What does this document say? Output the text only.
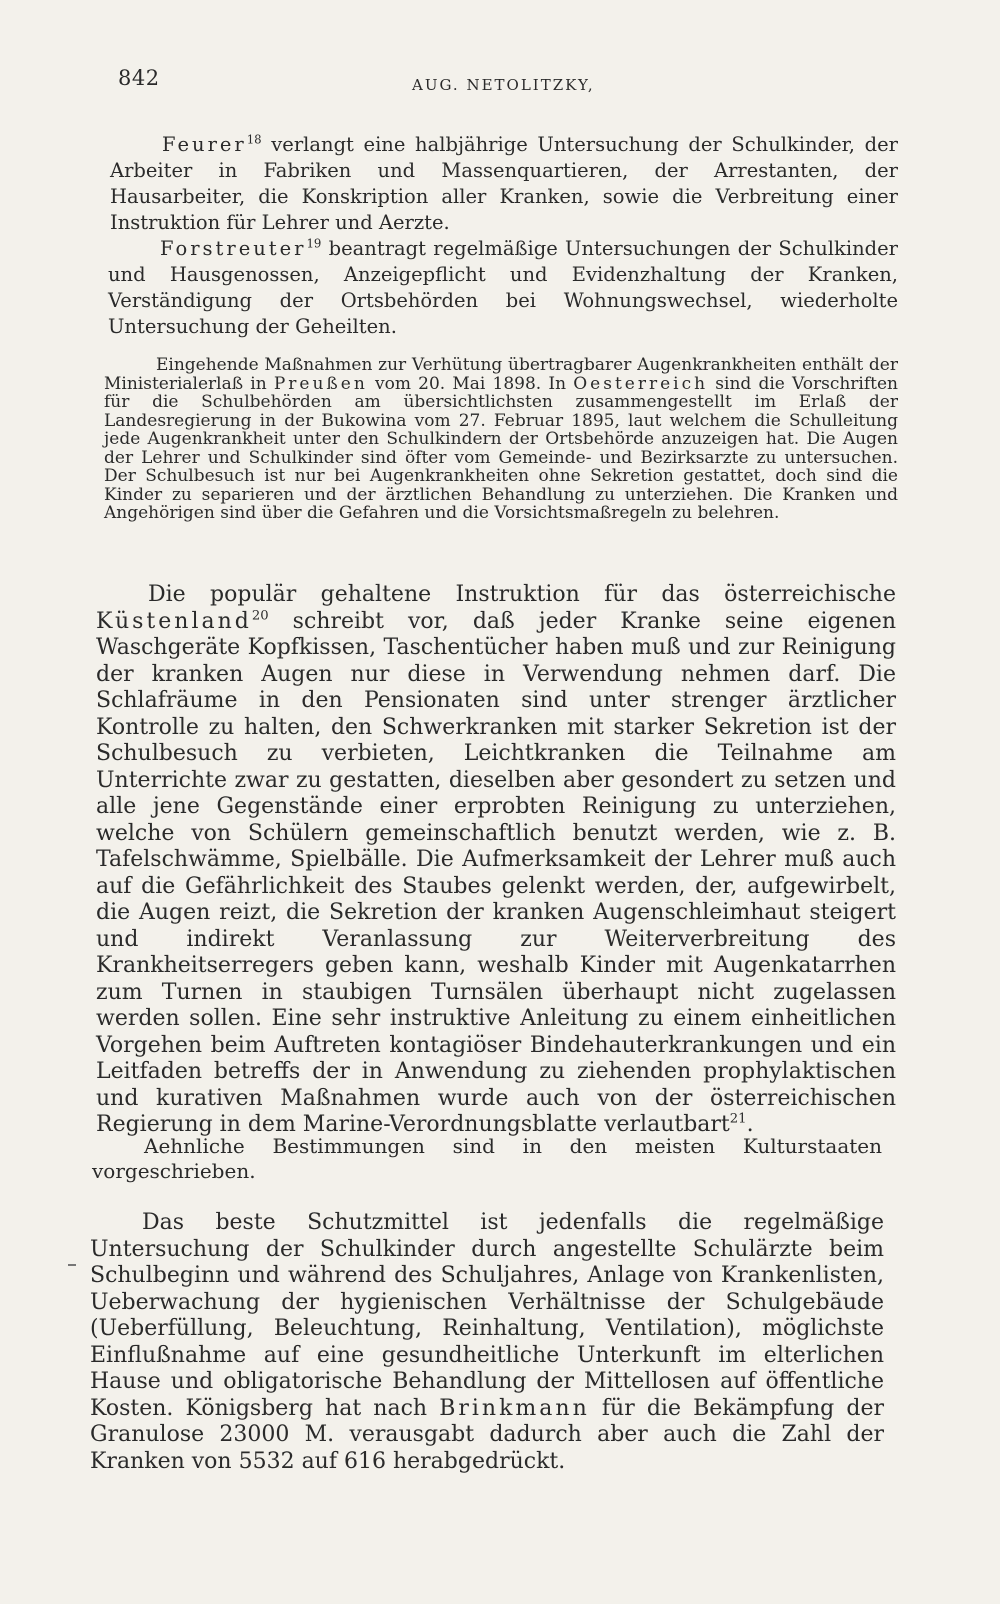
842	AUG. NETOLITZKY,

Feurer$^{18}$ verlangt eine halbjährige Untersuchung der Schulkinder, der Arbeiter in Fabriken und Massenquartieren, der Arrestanten, der Hausarbeiter, die Konskription aller Kranken, sowie die Verbreitung einer Instruktion für Lehrer und Aerzte.

Forstreuter$^{19}$ beantragt regelmäßige Untersuchungen der Schulkinder und Hausgenossen, Anzeigepflicht und Evidenzhaltung der Kranken, Verständigung der Ortsbehörden bei Wohnungswechsel, wiederholte Untersuchung der Geheilten.

Eingehende Maßnahmen zur Verhütung übertragbarer Augenkrankheiten enthält der Ministerialerlaß in Preußen vom 20. Mai 1898. In Oesterreich sind die Vorschriften für die Schulbehörden am übersichtlichsten zusammengestellt im Erlaß der Landesregierung in der Bukowina vom 27. Februar 1895, laut welchem die Schulleitung jede Augenkrankheit unter den Schulkindern der Ortsbehörde anzuzeigen hat. Die Augen der Lehrer und Schulkinder sind öfter vom Gemeinde- und Bezirksarzte zu untersuchen. Der Schulbesuch ist nur bei Augenkrankheiten ohne Sekretion gestattet, doch sind die Kinder zu separieren und der ärztlichen Behandlung zu unterziehen. Die Kranken und Angehörigen sind über die Gefahren und die Vorsichtsmaßregeln zu belehren.

Die populär gehaltene Instruktion für das österreichische Küstenland$^{20}$ schreibt vor, daß jeder Kranke seine eigenen Waschgeräte Kopfkissen, Taschentücher haben muß und zur Reinigung der kranken Augen nur diese in Verwendung nehmen darf. Die Schlafräume in den Pensionaten sind unter strenger ärztlicher Kontrolle zu halten, den Schwerkranken mit starker Sekretion ist der Schulbesuch zu verbieten, Leichtkranken die Teilnahme am Unterrichte zwar zu gestatten, dieselben aber gesondert zu setzen und alle jene Gegenstände einer erprobten Reinigung zu unterziehen, welche von Schülern gemeinschaftlich benutzt werden, wie z. B. Tafelschwämme, Spielbälle. Die Aufmerksamkeit der Lehrer muß auch auf die Gefährlichkeit des Staubes gelenkt werden, der, aufgewirbelt, die Augen reizt, die Sekretion der kranken Augenschleimhaut steigert und indirekt Veranlassung zur Weiterverbreitung des Krankheitserregers geben kann, weshalb Kinder mit Augenkatarrhen zum Turnen in staubigen Turnsälen überhaupt nicht zugelassen werden sollen. Eine sehr instruktive Anleitung zu einem einheitlichen Vorgehen beim Auftreten kontagiöser Bindehauterkrankungen und ein Leitfaden betreffs der in Anwendung zu ziehenden prophylaktischen und kurativen Maßnahmen wurde auch von der österreichischen Regierung in dem Marine-Verordnungsblatte verlautbart$^{21}$.

Aehnliche Bestimmungen sind in den meisten Kulturstaaten vorgeschrieben.

Das beste Schutzmittel ist jedenfalls die regelmäßige Untersuchung der Schulkinder durch angestellte Schulärzte beim Schulbeginn und während des Schuljahres, Anlage von Krankenlisten, Ueberwachung der hygienischen Verhältnisse der Schulgebäude (Ueberfüllung, Beleuchtung, Reinhaltung, Ventilation), möglichste Einflußnahme auf eine gesundheitliche Unterkunft im elterlichen Hause und obligatorische Behandlung der Mittellosen auf öffentliche Kosten. Königsberg hat nach Brinkmann für die Bekämpfung der Granulose 23000 M. verausgabt dadurch aber auch die Zahl der Kranken von 5532 auf 616 herabgedrückt.
